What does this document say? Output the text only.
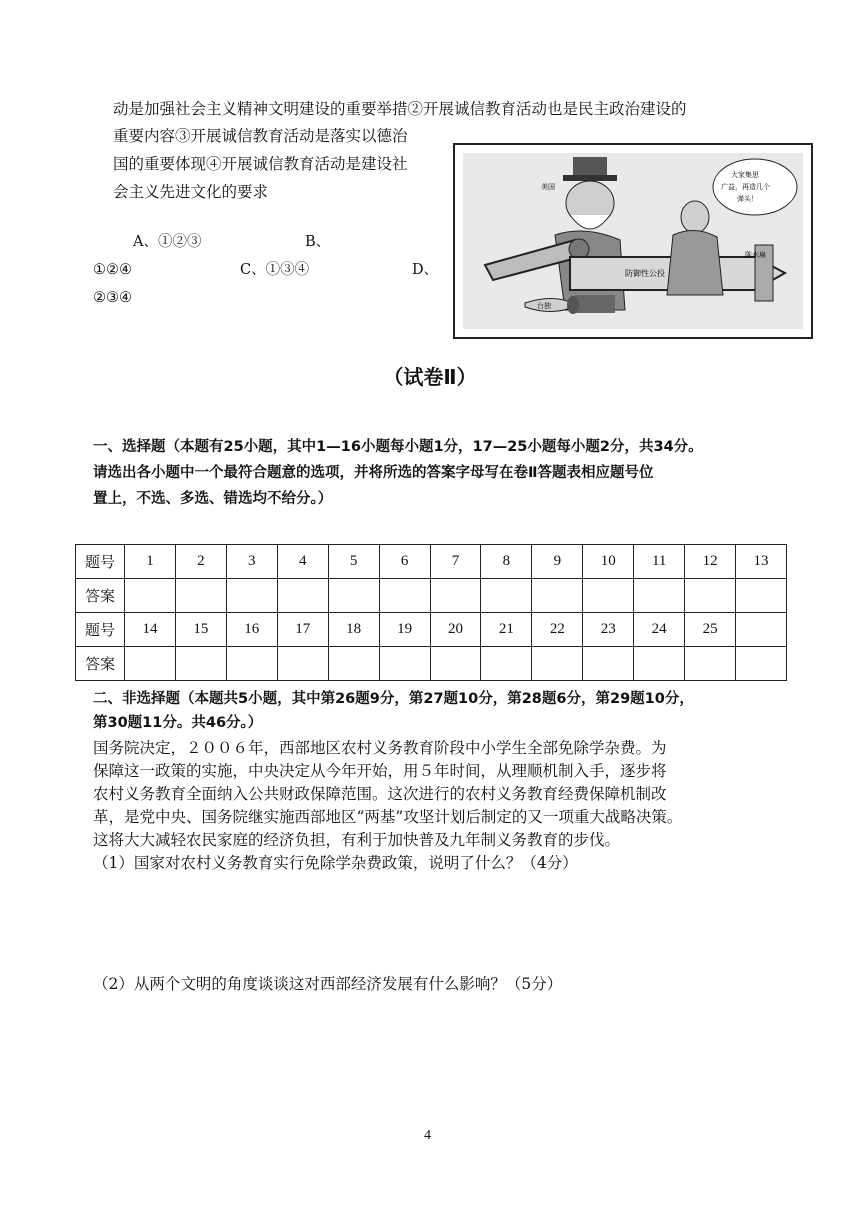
动是加强社会主义精神文明建设的重要举措②开展诚信教育活动也是民主政治建设的
重要内容③开展诚信教育活动是落实以德治
国的重要体现④开展诚信教育活动是建设社
会主义先进文化的要求
A、①②③	B、
①②④	C、①③④	D、
②③④
防御性公投
台独
陈水扁
美国
大家集思
广益，再造几个
弹头！
（试卷Ⅱ）
一、选择题（本题有25小题，其中1—16小题每小题1分，17—25小题每小题2分，共34分。
请选出各小题中一个最符合题意的选项，并将所选的答案字母写在卷Ⅱ答题表相应题号位
置上，不选、多选、错选均不给分。）
题号	1	2	3	4	5	6	7	8	9	10	11	12	13
答案													
题号	14	15	16	17	18	19	20	21	22	23	24	25	
答案													
二、非选择题（本题共5小题，其中第26题9分，第27题10分，第28题6分，第29题10分，
第30题11分。共46分。）
国务院决定，２００６年，西部地区农村义务教育阶段中小学生全部免除学杂费。为
保障这一政策的实施，中央决定从今年开始，用５年时间，从理顺机制入手，逐步将
农村义务教育全面纳入公共财政保障范围。这次进行的农村义务教育经费保障机制改
革，是党中央、国务院继实施西部地区“两基”攻坚计划后制定的又一项重大战略决策。
这将大大减轻农民家庭的经济负担，有利于加快普及九年制义务教育的步伐。
（1）国家对农村义务教育实行免除学杂费政策，说明了什么？（4分）
（2）从两个文明的角度谈谈这对西部经济发展有什么影响？（5分）
4
